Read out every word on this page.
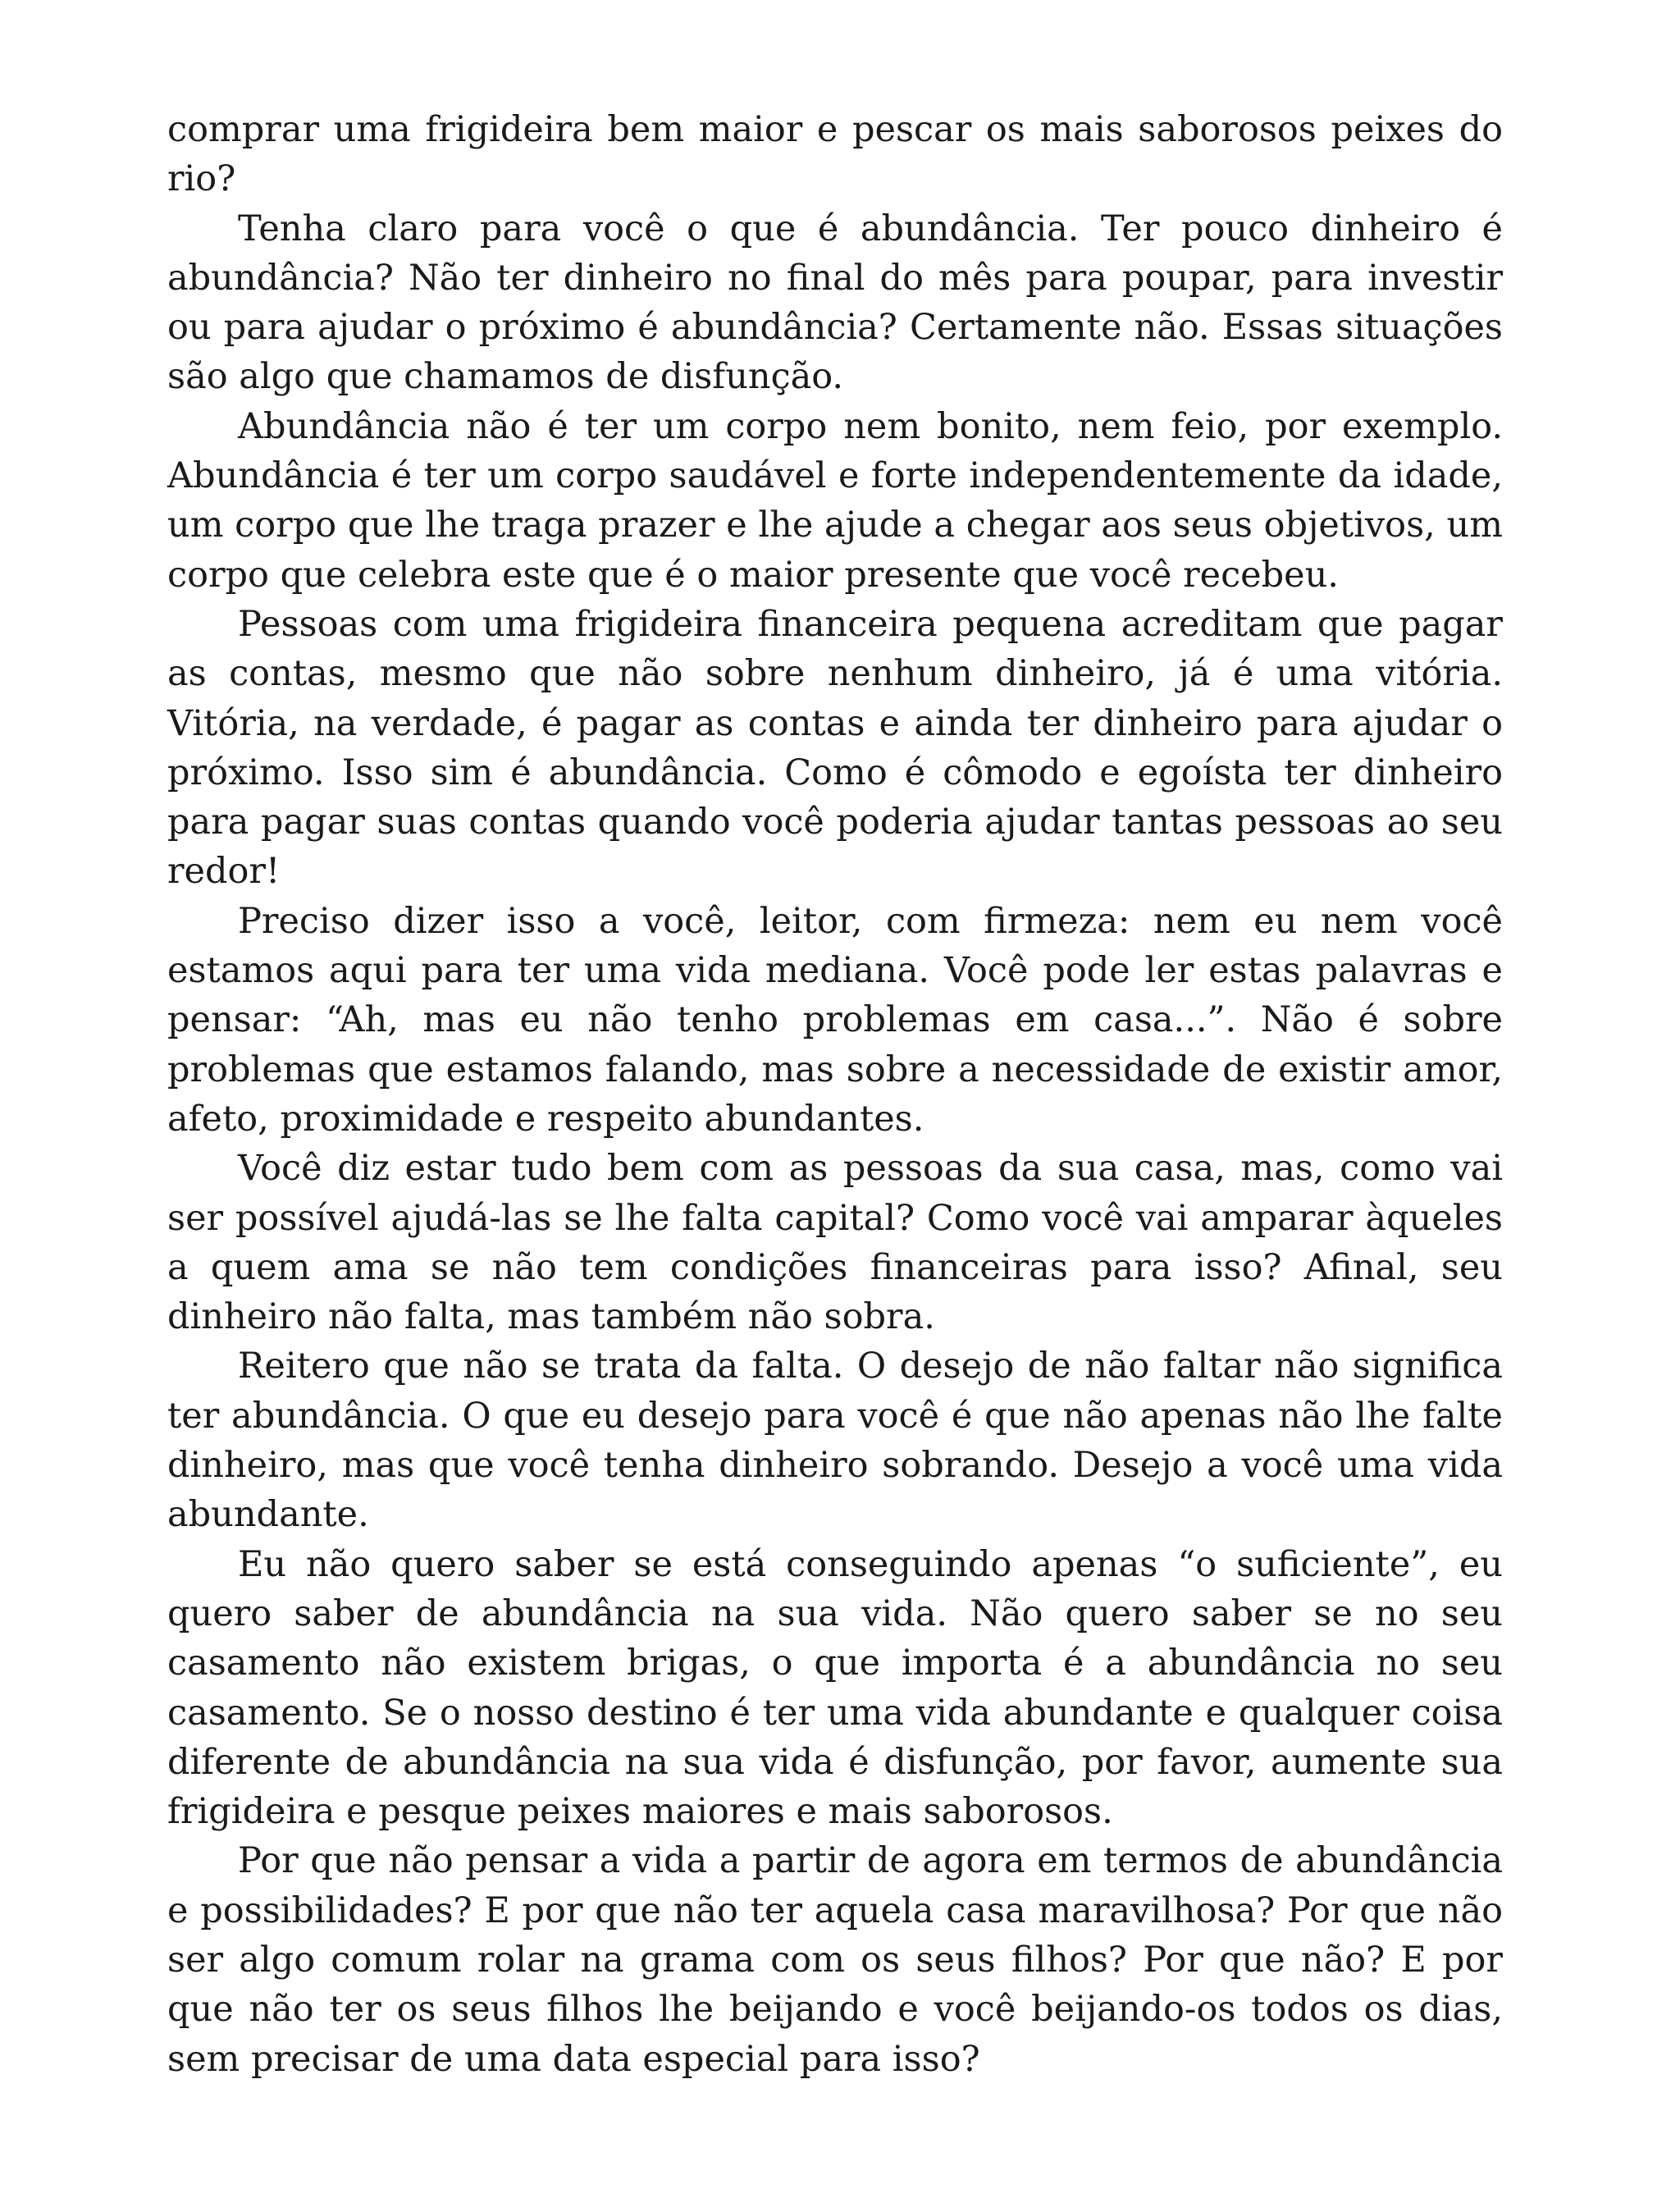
comprar uma frigideira bem maior e pescar os mais saborosos peixes do rio?

Tenha claro para você o que é abundância. Ter pouco dinheiro é abundância? Não ter dinheiro no final do mês para poupar, para investir ou para ajudar o próximo é abundância? Certamente não. Essas situações são algo que chamamos de disfunção.

Abundância não é ter um corpo nem bonito, nem feio, por exemplo. Abundância é ter um corpo saudável e forte independentemente da idade, um corpo que lhe traga prazer e lhe ajude a chegar aos seus objetivos, um corpo que celebra este que é o maior presente que você recebeu.

Pessoas com uma frigideira financeira pequena acreditam que pagar as contas, mesmo que não sobre nenhum dinheiro, já é uma vitória. Vitória, na verdade, é pagar as contas e ainda ter dinheiro para ajudar o próximo. Isso sim é abundância. Como é cômodo e egoísta ter dinheiro para pagar suas contas quando você poderia ajudar tantas pessoas ao seu redor!

Preciso dizer isso a você, leitor, com firmeza: nem eu nem você estamos aqui para ter uma vida mediana. Você pode ler estas palavras e pensar: “Ah, mas eu não tenho problemas em casa...”. Não é sobre problemas que estamos falando, mas sobre a necessidade de existir amor, afeto, proximidade e respeito abundantes.

Você diz estar tudo bem com as pessoas da sua casa, mas, como vai ser possível ajudá-las se lhe falta capital? Como você vai amparar àqueles a quem ama se não tem condições financeiras para isso? Afinal, seu dinheiro não falta, mas também não sobra.

Reitero que não se trata da falta. O desejo de não faltar não significa ter abundância. O que eu desejo para você é que não apenas não lhe falte dinheiro, mas que você tenha dinheiro sobrando. Desejo a você uma vida abundante.

Eu não quero saber se está conseguindo apenas “o suficiente”, eu quero saber de abundância na sua vida. Não quero saber se no seu casamento não existem brigas, o que importa é a abundância no seu casamento. Se o nosso destino é ter uma vida abundante e qualquer coisa diferente de abundância na sua vida é disfunção, por favor, aumente sua frigideira e pesque peixes maiores e mais saborosos.

Por que não pensar a vida a partir de agora em termos de abundância e possibilidades? E por que não ter aquela casa maravilhosa? Por que não ser algo comum rolar na grama com os seus filhos? Por que não? E por que não ter os seus filhos lhe beijando e você beijando-os todos os dias, sem precisar de uma data especial para isso?
